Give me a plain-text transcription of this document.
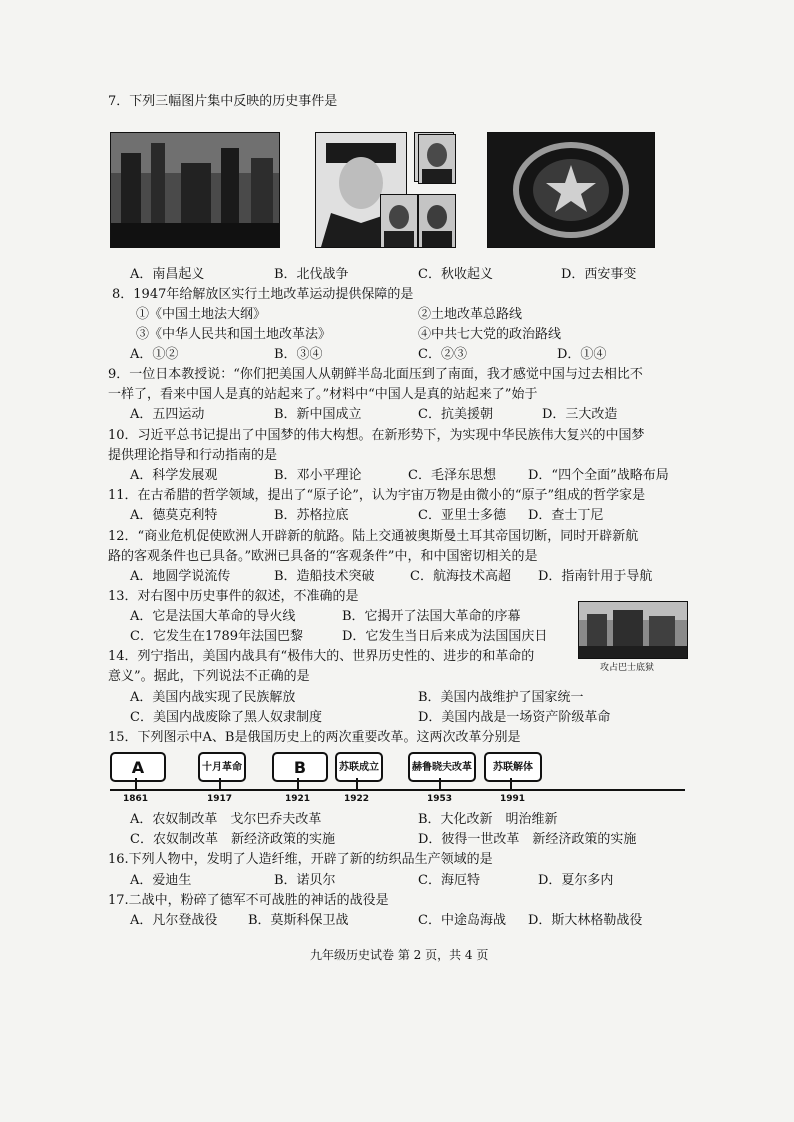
7．下列三幅图片集中反映的历史事件是
A．南昌起义	B．北伐战争	C．秋收起义	D．西安事变
8．1947年给解放区实行土地改革运动提供保障的是
①《中国土地法大纲》	②土地改革总路线
③《中华人民共和国土地改革法》	④中共七大党的政治路线
A．①②	B．③④	C．②③	D．①④
9．一位日本教授说：“你们把美国人从朝鲜半岛北面压到了南面，我才感觉中国与过去相比不
一样了，看来中国人是真的站起来了。”材料中“中国人是真的站起来了”始于
A．五四运动	B．新中国成立	C．抗美援朝	D．三大改造
10．习近平总书记提出了中国梦的伟大构想。在新形势下，为实现中华民族伟大复兴的中国梦
提供理论指导和行动指南的是
A．科学发展观	B．邓小平理论	C．毛泽东思想 D．“四个全面”战略布局
11．在古希腊的哲学领域，提出了“原子论”，认为宇宙万物是由微小的“原子”组成的哲学家是
A．德莫克利特	B．苏格拉底	C．亚里士多德 D．查士丁尼
12．“商业危机促使欧洲人开辟新的航路。陆上交通被奥斯曼土耳其帝国切断，同时开辟新航
路的客观条件也已具备。”欧洲已具备的“客观条件”中，和中国密切相关的是
A．地圆学说流传	B．造船技术突破	C．航海技术高超 D．指南针用于导航
13．对右图中历史事件的叙述，不准确的是
A．它是法国大革命的导火线	B．它揭开了法国大革命的序幕
C．它发生在1789年法国巴黎	D．它发生当日后来成为法国国庆日
攻占巴士底狱
14．列宁指出，美国内战具有“极伟大的、世界历史性的、进步的和革命的
意义”。据此，下列说法不正确的是
A．美国内战实现了民族解放	B．美国内战维护了国家统一
C．美国内战废除了黑人奴隶制度	D．美国内战是一场资产阶级革命
15．下列图示中A、B是俄国历史上的两次重要改革。这两次改革分别是
A	十月革命	B	苏联成立	赫鲁晓夫改革	苏联解体
1861	1917	1921	1922	1953	1991
A．农奴制改革　戈尔巴乔夫改革	B．大化改新　明治维新
C．农奴制改革　新经济政策的实施	D．彼得一世改革　新经济政策的实施
16.下列人物中，发明了人造纤维，开辟了新的纺织品生产领域的是
A．爱迪生	B．诺贝尔	C．海厄特	D．夏尔多内
17.二战中，粉碎了德军不可战胜的神话的战役是
A．凡尔登战役 B．莫斯科保卫战	C．中途岛海战 D．斯大林格勒战役
九年级历史试卷 第 2 页，共 4 页
